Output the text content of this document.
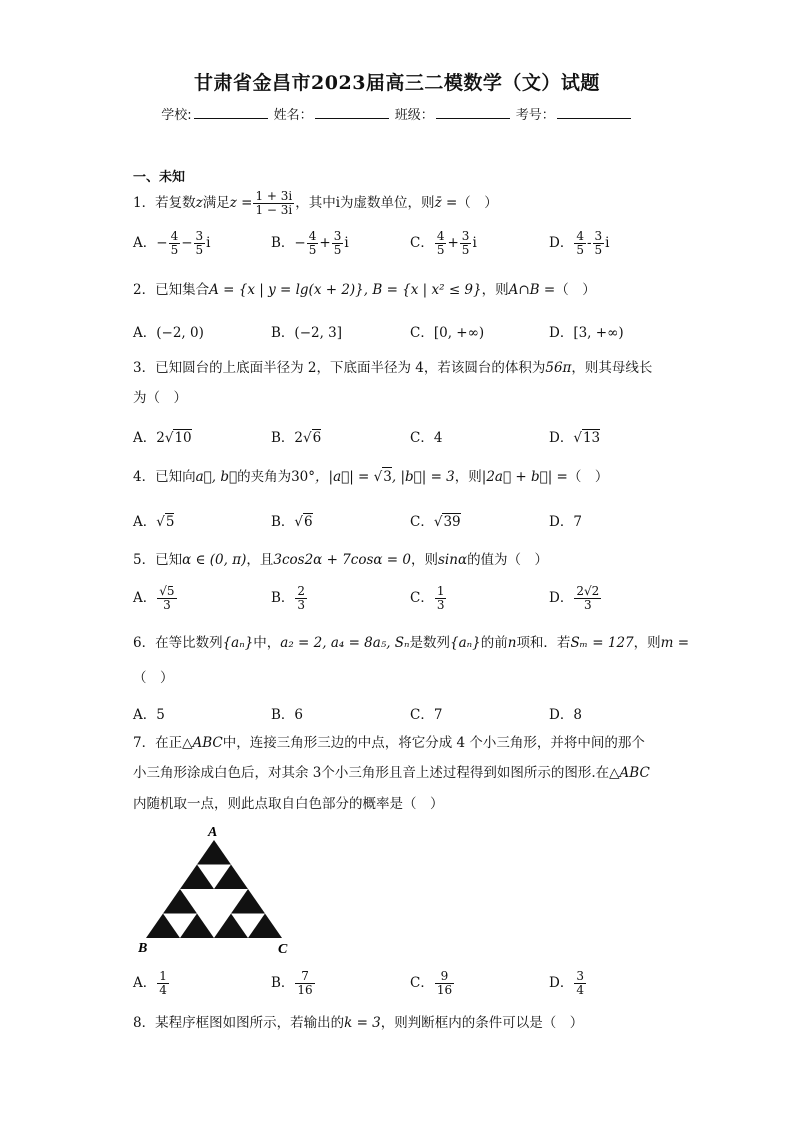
甘肃省金昌市2023届高三二模数学（文）试题
学校:	姓名：	班级：	考号：
一、未知
1．若复数z满足$z = \frac{1 + 3i}{1 - 3i}$ ，其中i为虚数单位，则z̄ =（　）
A．− $\frac{4}{5} - \frac{3}{5}$ i	B．− $\frac{4}{5} + \frac{3}{5}$ i	C． $\frac{4}{5} + \frac{3}{5}$ i	D． $\frac{4}{5} - \frac{3}{5}$ i
2．已知集合A = {x | y = lg(x + 2)}, B = {x | x² ≤ 9}，则A∩B =（　）
A．(−2, 0)	B．(−2, 3]	C．[0, +∞)	D．[3, +∞)
3．已知圆台的上底面半径为 2，下底面半径为 4，若该圆台的体积为56π，则其母线长
为（　）
A．2√10	B．2√6	C．4	D．√13
4．已知向a⃗, b⃗的夹角为30°，|a⃗| = √3, |b⃗| = 3，则|2a⃗ + b⃗| =（　）
A．√5	B．√6	C．√39	D．7
5．已知α ∈ (0, π)，且3cos2α + 7cosα = 0，则sinα的值为（　）
A． $\frac{√5}{3}$	B． $\frac{2}{3}$	C． $\frac{1}{3}$	D． $\frac{2√2}{3}$
6．在等比数列{aₙ}中，a₂ = 2, a₄ = 8a₅, Sₙ是数列{aₙ}的前n项和．若Sₘ = 127，则m =
（　）
A．5	B．6	C．7	D．8
7．在正△ABC中，连接三角形三边的中点，将它分成 4 个小三角形，并将中间的那个
小三角形涂成白色后，对其余 3个小三角形且音上述过程得到如图所示的图形.在△ABC
内随机取一点，则此点取自白色部分的概率是（　）
A
B	C
A． $\frac{1}{4}$	B． $\frac{7}{16}$	C． $\frac{9}{16}$	D． $\frac{3}{4}$
8．某程序框图如图所示，若输出的k = 3，则判断框内的条件可以是（　）
